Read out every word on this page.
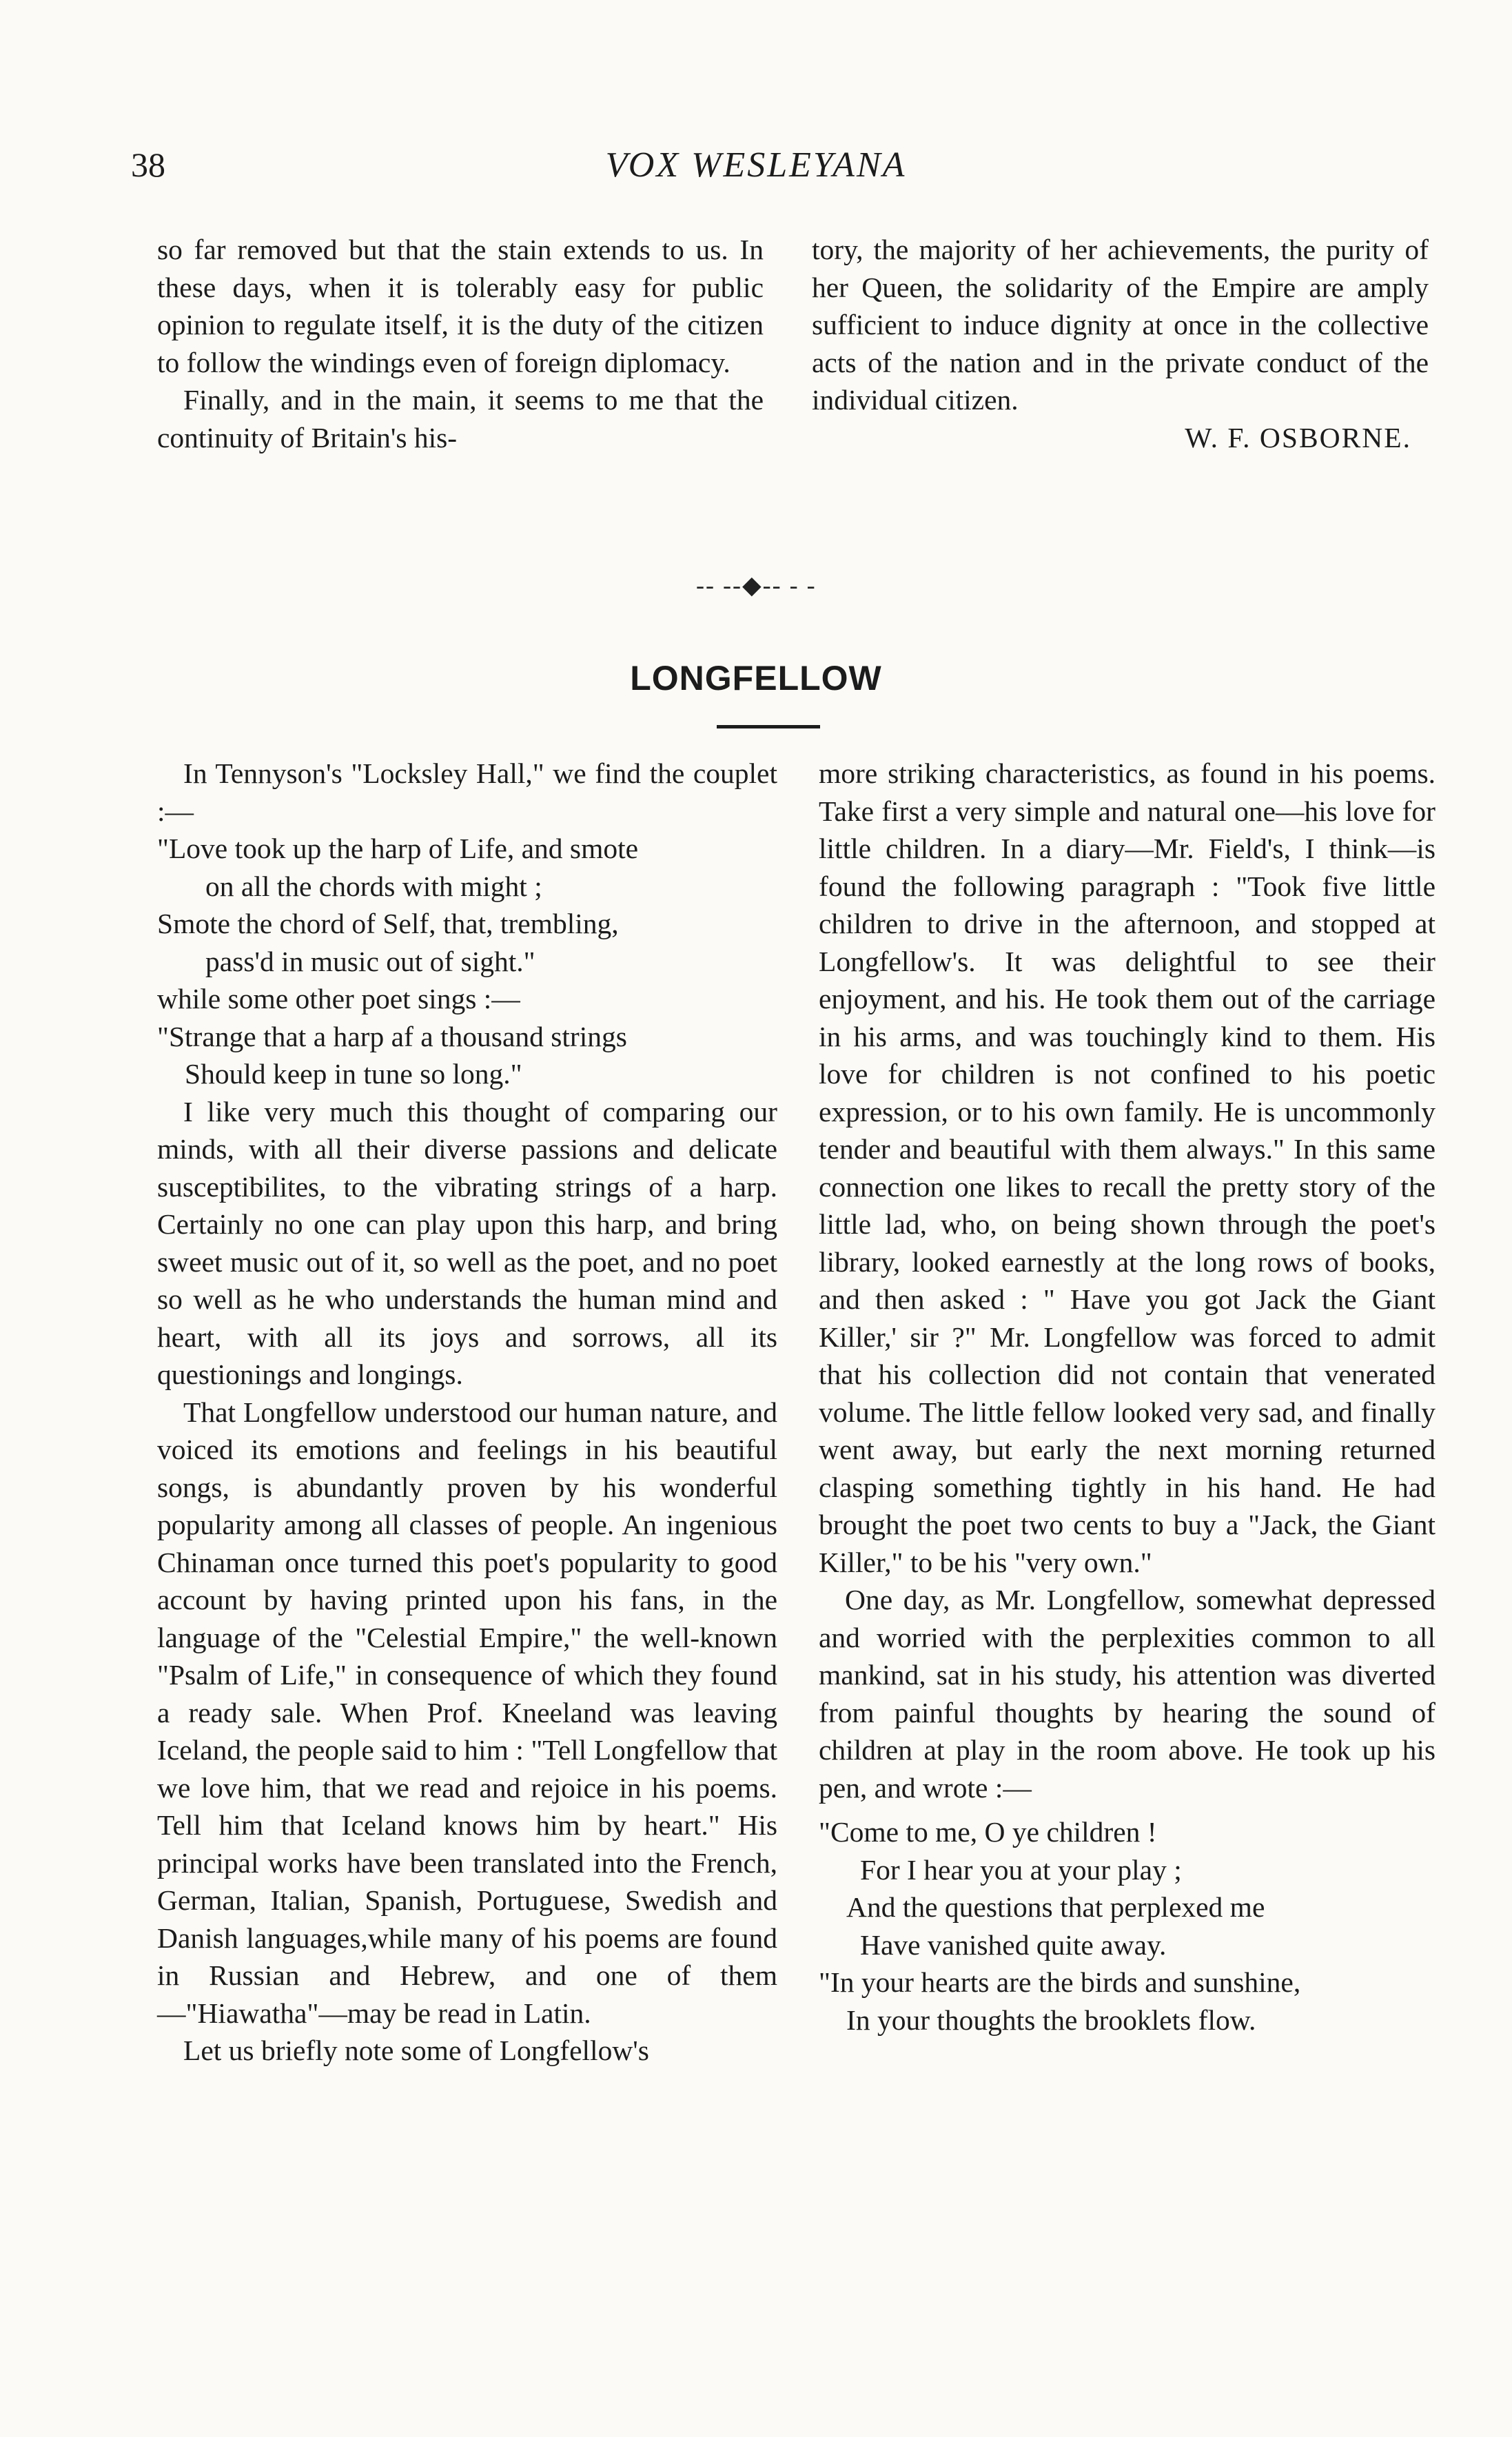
38	VOX WESLEYANA

so far removed but that the stain extends to us. In these days, when it is tolerably easy for public opinion to regulate itself, it is the duty of the citizen to follow the windings even of foreign diplomacy.

Finally, and in the main, it seems to me that the continuity of Britain's his-

tory, the majority of her achievements, the purity of her Queen, the solidarity of the Empire are amply sufficient to induce dignity at once in the collective acts of the nation and in the private conduct of the individual citizen.

W. F. OSBORNE.

-- --◆-- - -
LONGFELLOW

In Tennyson's "Locksley Hall," we find the couplet :—

"Love took up the harp of Life, and smote
on all the chords with might ;
Smote the chord of Self, that, trembling,
pass'd in music out of sight."

while some other poet sings :—

"Strange that a harp af a thousand strings
Should keep in tune so long."

I like very much this thought of comparing our minds, with all their diverse passions and delicate susceptibilites, to the vibrating strings of a harp. Certainly no one can play upon this harp, and bring sweet music out of it, so well as the poet, and no poet so well as he who understands the human mind and heart, with all its joys and sorrows, all its questionings and longings.

That Longfellow understood our human nature, and voiced its emotions and feelings in his beautiful songs, is abundantly proven by his wonderful popularity among all classes of people. An ingenious Chinaman once turned this poet's popularity to good account by having printed upon his fans, in the language of the "Celestial Empire," the well-known "Psalm of Life," in consequence of which they found a ready sale. When Prof. Kneeland was leaving Iceland, the people said to him : "Tell Longfellow that we love him, that we read and rejoice in his poems. Tell him that Iceland knows him by heart." His principal works have been translated into the French, German, Italian, Spanish, Portuguese, Swedish and Danish languages,while many of his poems are found in Russian and Hebrew, and one of them —"Hiawatha"—may be read in Latin.

Let us briefly note some of Longfellow's

more striking characteristics, as found in his poems. Take first a very simple and natural one—his love for little children. In a diary—Mr. Field's, I think—is found the following paragraph : "Took five little children to drive in the afternoon, and stopped at Longfellow's. It was delightful to see their enjoyment, and his. He took them out of the carriage in his arms, and was touchingly kind to them. His love for children is not confined to his poetic expression, or to his own family. He is uncommonly tender and beautiful with them always." In this same connection one likes to recall the pretty story of the little lad, who, on being shown through the poet's library, looked earnestly at the long rows of books, and then asked : " Have you got Jack the Giant Killer,' sir ?" Mr. Longfellow was forced to admit that his collection did not contain that venerated volume. The little fellow looked very sad, and finally went away, but early the next morning returned clasping something tightly in his hand. He had brought the poet two cents to buy a "Jack, the Giant Killer," to be his "very own."

One day, as Mr. Longfellow, somewhat depressed and worried with the perplexities common to all mankind, sat in his study, his attention was diverted from painful thoughts by hearing the sound of children at play in the room above. He took up his pen, and wrote :—

"Come to me, O ye children !
For I hear you at your play ;
And the questions that perplexed me
Have vanished quite away.
"In your hearts are the birds and sunshine,
In your thoughts the brooklets flow.
